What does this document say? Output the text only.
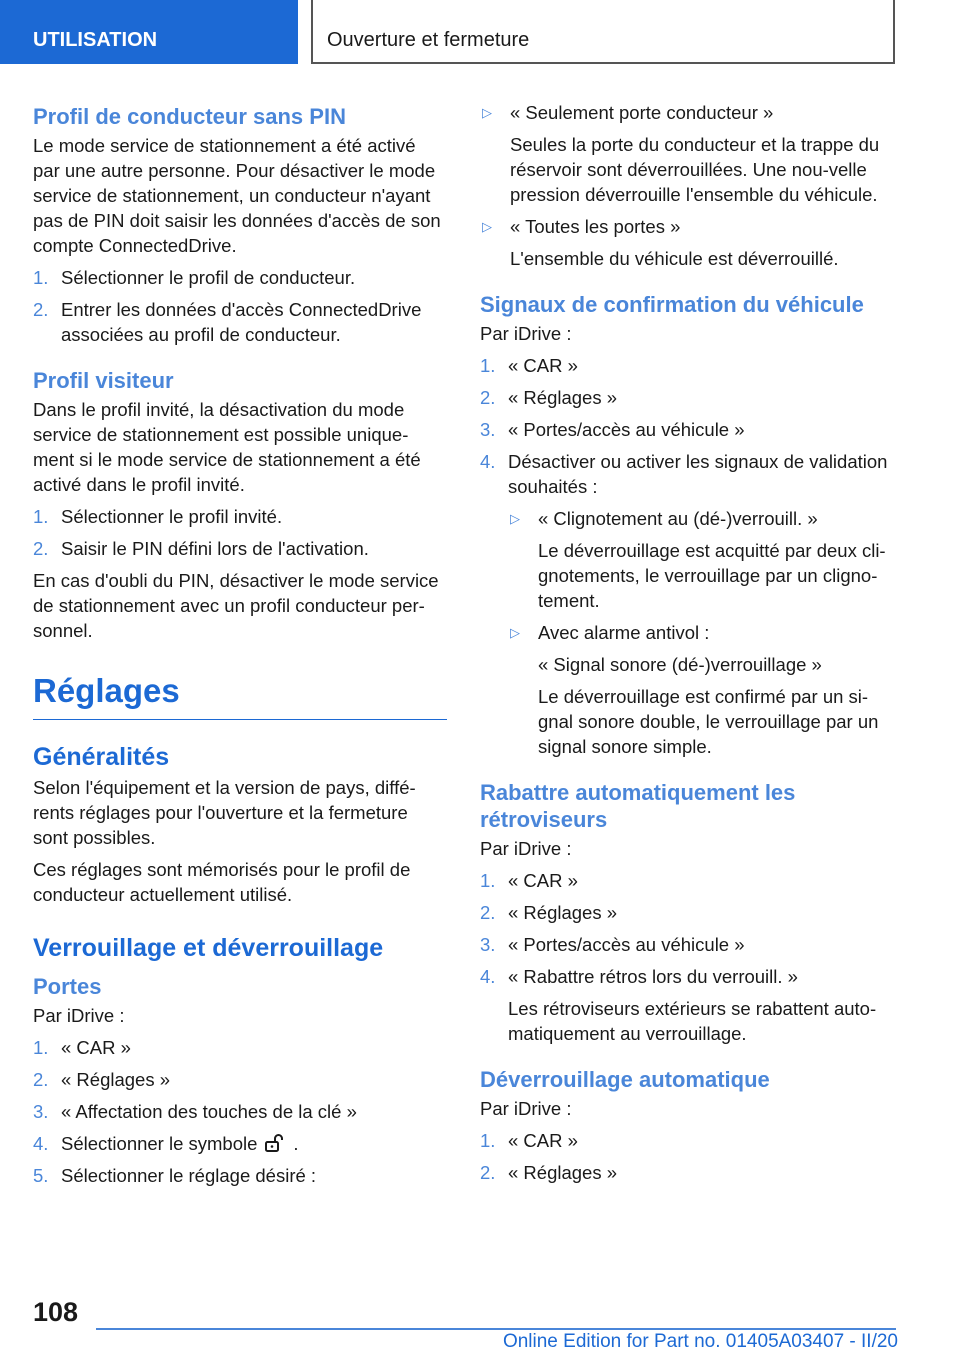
UTILISATION	Ouverture et fermeture
Profil de conducteur sans PIN

Le mode service de stationnement a été activé par une autre personne. Pour désactiver le mode service de stationnement, un conducteur n'ayant pas de PIN doit saisir les données d'accès de son compte ConnectedDrive.

1. Sélectionner le profil de conducteur.
2. Entrer les données d'accès ConnectedDrive associées au profil de conducteur.
Profil visiteur

Dans le profil invité, la désactivation du mode service de stationnement est possible unique-ment si le mode service de stationnement a été activé dans le profil invité.

1. Sélectionner le profil invité.
2. Saisir le PIN défini lors de l'activation.

En cas d'oubli du PIN, désactiver le mode service de stationnement avec un profil conducteur per-sonnel.

Réglages
Généralités

Selon l'équipement et la version de pays, diffé-rents réglages pour l'ouverture et la fermeture sont possibles.

Ces réglages sont mémorisés pour le profil de conducteur actuellement utilisé.

Verrouillage et déverrouillage
Portes

Par iDrive :

1. « CAR »
2. « Réglages »
3. « Affectation des touches de la clé »
4. Sélectionner le symbole .
5. Sélectionner le réglage désiré :
▷ « Seulement porte conducteur »
Seules la porte du conducteur et la trappe du réservoir sont déverrouillées. Une nou-velle pression déverrouille l'ensemble du véhicule.
▷ « Toutes les portes »
L'ensemble du véhicule est déverrouillé.
Signaux de confirmation du véhicule

Par iDrive :

1. « CAR »
2. « Réglages »
3. « Portes/accès au véhicule »
4. Désactiver ou activer les signaux de validation souhaités :
▷ « Clignotement au (dé-)verrouill. »
Le déverrouillage est acquitté par deux cli-gnotements, le verrouillage par un cligno-tement.
▷ Avec alarme antivol :
« Signal sonore (dé-)verrouillage »
Le déverrouillage est confirmé par un si-gnal sonore double, le verrouillage par un signal sonore simple.
Rabattre automatiquement les rétroviseurs

Par iDrive :

1. « CAR »
2. « Réglages »
3. « Portes/accès au véhicule »
4. « Rabattre rétros lors du verrouill. »
Les rétroviseurs extérieurs se rabattent auto-matiquement au verrouillage.
Déverrouillage automatique

Par iDrive :

1. « CAR »
2. « Réglages »
108
Online Edition for Part no. 01405A03407 - II/20
